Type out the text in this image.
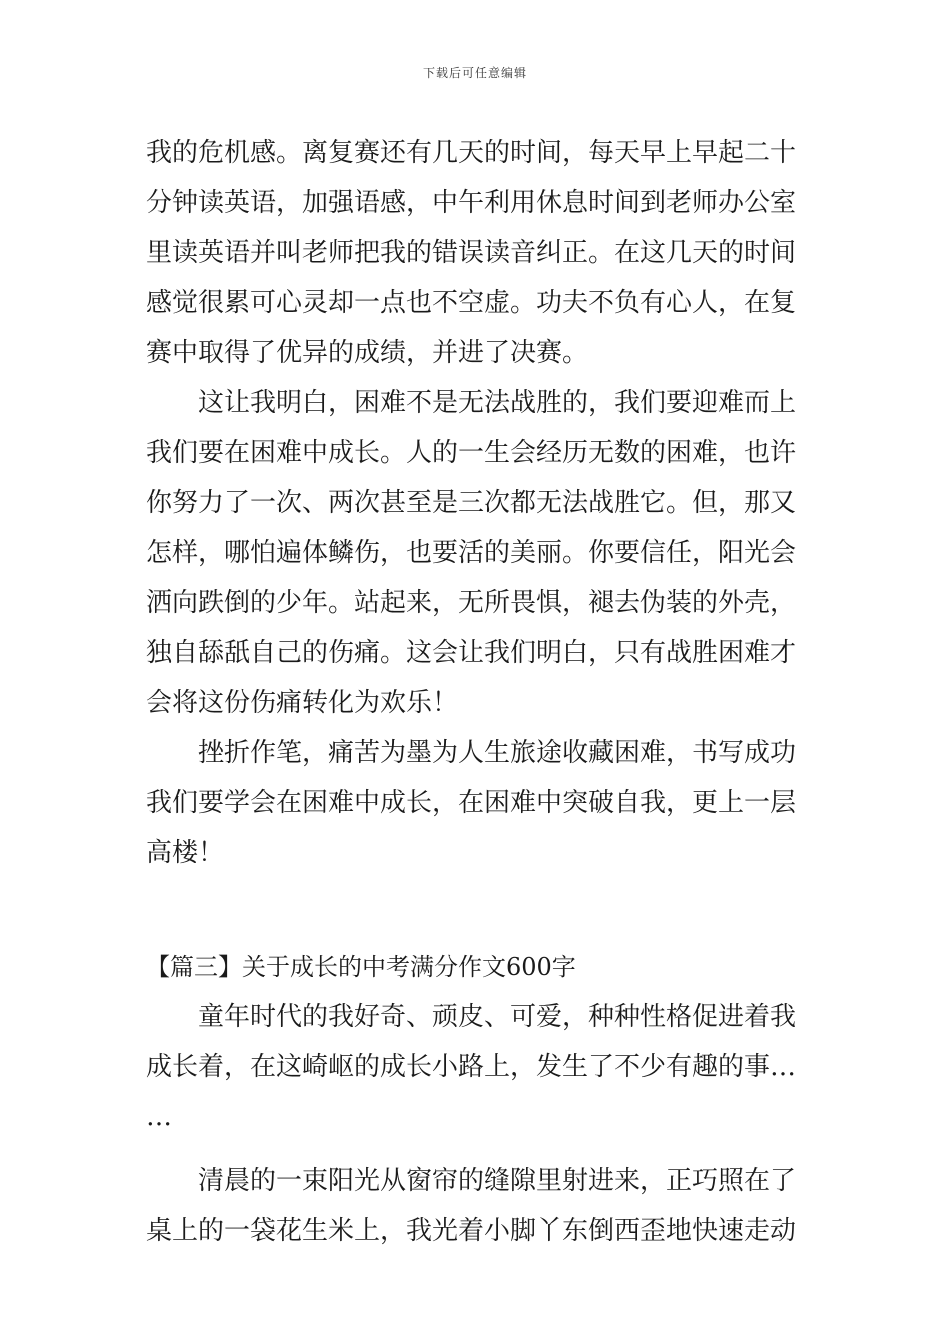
下载后可任意编辑
我的危机感。离复赛还有几天的时间，每天早上早起二十
分钟读英语，加强语感，中午利用休息时间到老师办公室
里读英语并叫老师把我的错误读音纠正。在这几天的时间
感觉很累可心灵却一点也不空虚。功夫不负有心人，在复
赛中取得了优异的成绩，并进了决赛。
这让我明白，困难不是无法战胜的，我们要迎难而上
我们要在困难中成长。人的一生会经历无数的困难，也许
你努力了一次、两次甚至是三次都无法战胜它。但，那又
怎样，哪怕遍体鳞伤，也要活的美丽。你要信任，阳光会
洒向跌倒的少年。站起来，无所畏惧，褪去伪装的外壳，
独自舔舐自己的伤痛。这会让我们明白，只有战胜困难才
会将这份伤痛转化为欢乐！
挫折作笔，痛苦为墨为人生旅途收藏困难，书写成功
我们要学会在困难中成长，在困难中突破自我，更上一层
高楼！
【篇三】关于成长的中考满分作文600字
童年时代的我好奇、顽皮、可爱，种种性格促进着我
成长着，在这崎岖的成长小路上，发生了不少有趣的事…
…
清晨的一束阳光从窗帘的缝隙里射进来，正巧照在了
桌上的一袋花生米上，我光着小脚丫东倒西歪地快速走动
